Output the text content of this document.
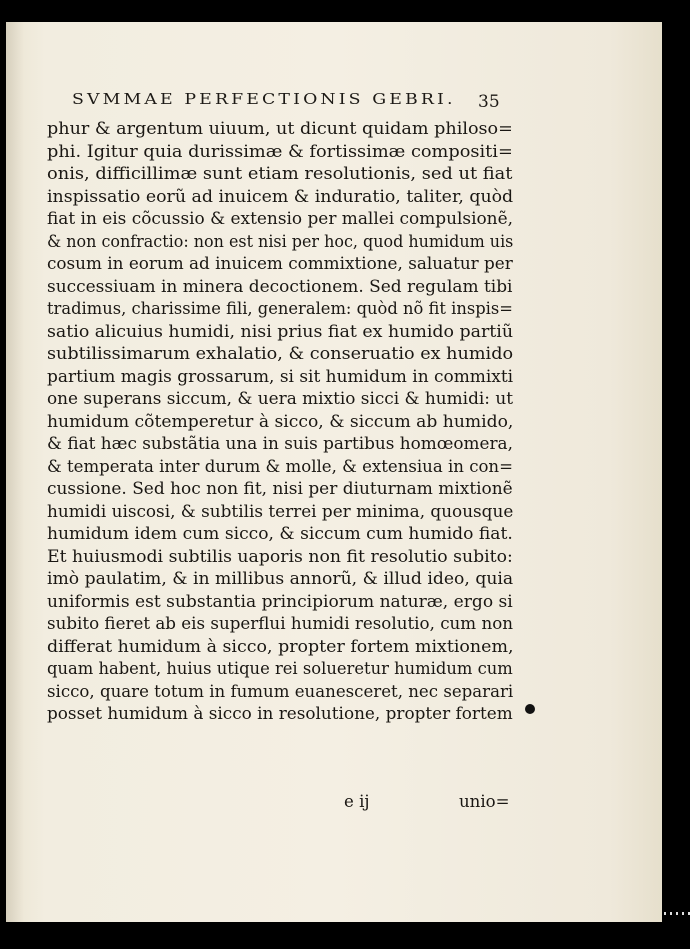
SVMMAE PERFECTIONIS GEBRI. 35
phur & argentum uiuum, ut dicunt quidam philoso=
phi. Igitur quia durissimæ & fortissimæ compositi=
onis, difficillimæ sunt etiam resolutionis, sed ut fiat
inspissatio eorũ ad inuicem & induratio, taliter, quòd
fiat in eis cõcussio & extensio per mallei compulsionẽ,
& non confractio: non est nisi per hoc, quod humidum uis
cosum in eorum ad inuicem commixtione, saluatur per
successiuam in minera decoctionem. Sed regulam tibi
tradimus, charissime fili, generalem: quòd nõ fit inspis=
satio alicuius humidi, nisi prius fiat ex humido partiũ
subtilissimarum exhalatio, & conseruatio ex humido
partium magis grossarum, si sit humidum in commixti
one superans siccum, & uera mixtio sicci & humidi: ut
humidum cõtemperetur à sicco, & siccum ab humido,
& fiat hæc substãtia una in suis partibus homœomera,
& temperata inter durum & molle, & extensiua in con=
cussione. Sed hoc non fit, nisi per diuturnam mixtionẽ
humidi uiscosi, & subtilis terrei per minima, quousque
humidum idem cum sicco, & siccum cum humido fiat.
Et huiusmodi subtilis uaporis non fit resolutio subito:
imò paulatim, & in millibus annorũ, & illud ideo, quia
uniformis est substantia principiorum naturæ, ergo si
subito fieret ab eis superflui humidi resolutio, cum non
differat humidum à sicco, propter fortem mixtionem,
quam habent, huius utique rei solueretur humidum cum
sicco, quare totum in fumum euanesceret, nec separari
posset humidum à sicco in resolutione, propter fortem
e ij	unio=
